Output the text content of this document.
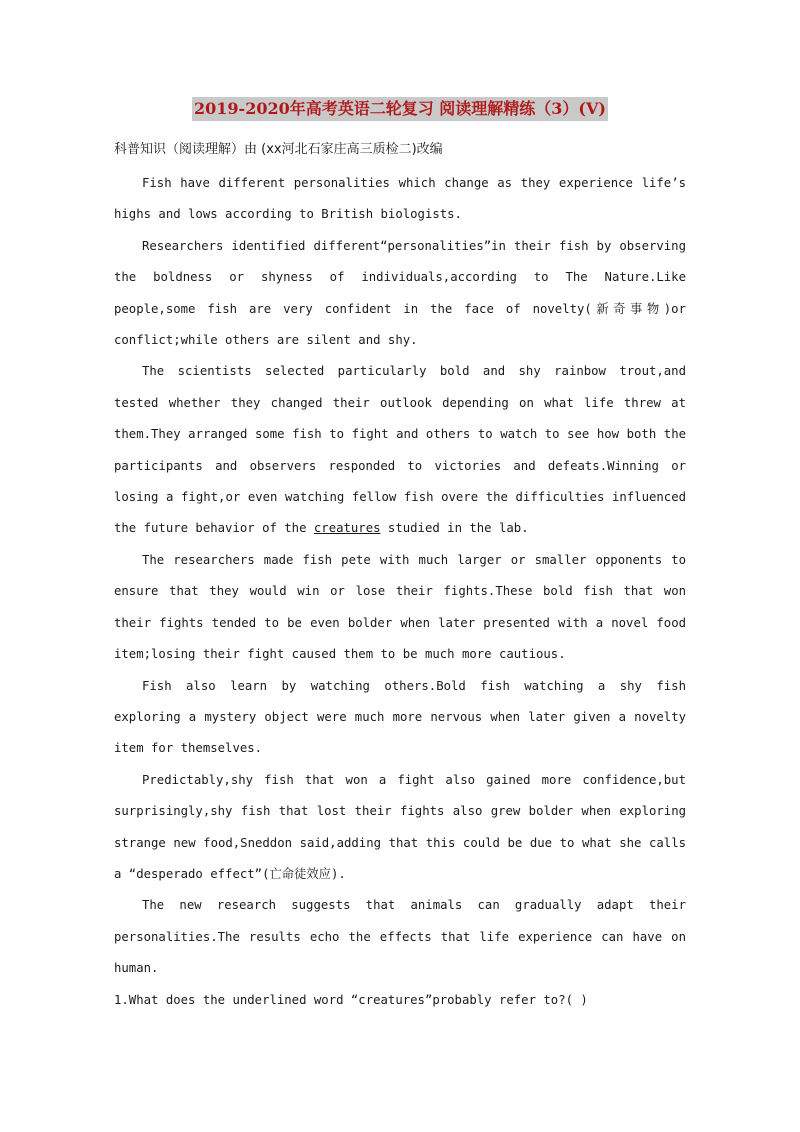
2019-2020年高考英语二轮复习 阅读理解精练（3）(V)
科普知识（阅读理解）由 (xx河北石家庄高三质检二)改编

Fish have different personalities which change as they experience life’s highs and lows according to British biologists.

Researchers identified different“personalities”in their fish by observing the boldness or shyness of individuals,according to The Nature.Like people,some fish are very confident in the face of novelty(新奇事物)or conflict;while others are silent and shy.

The scientists selected particularly bold and shy rainbow trout,and tested whether they changed their outlook depending on what life threw at them.They arranged some fish to fight and others to watch to see how both the participants and observers responded to victories and defeats.Winning or losing a fight,or even watching fellow fish overe the difficulties influenced the future behavior of the creatures studied in the lab.

The researchers made fish pete with much larger or smaller opponents to ensure that they would win or lose their fights.These bold fish that won their fights tended to be even bolder when later presented with a novel food item;losing their fight caused them to be much more cautious.

Fish also learn by watching others.Bold fish watching a shy fish exploring a mystery object were much more nervous when later given a novelty item for themselves.

Predictably,shy fish that won a fight also gained more confidence,but surprisingly,shy fish that lost their fights also grew bolder when exploring strange new food,Sneddon said,adding that this could be due to what she calls a “desperado effect”(亡命徒效应).

The new research suggests that animals can gradually adapt their personalities.The results echo the effects that life experience can have on human.

1.What does the underlined word “creatures”probably refer to?( )
